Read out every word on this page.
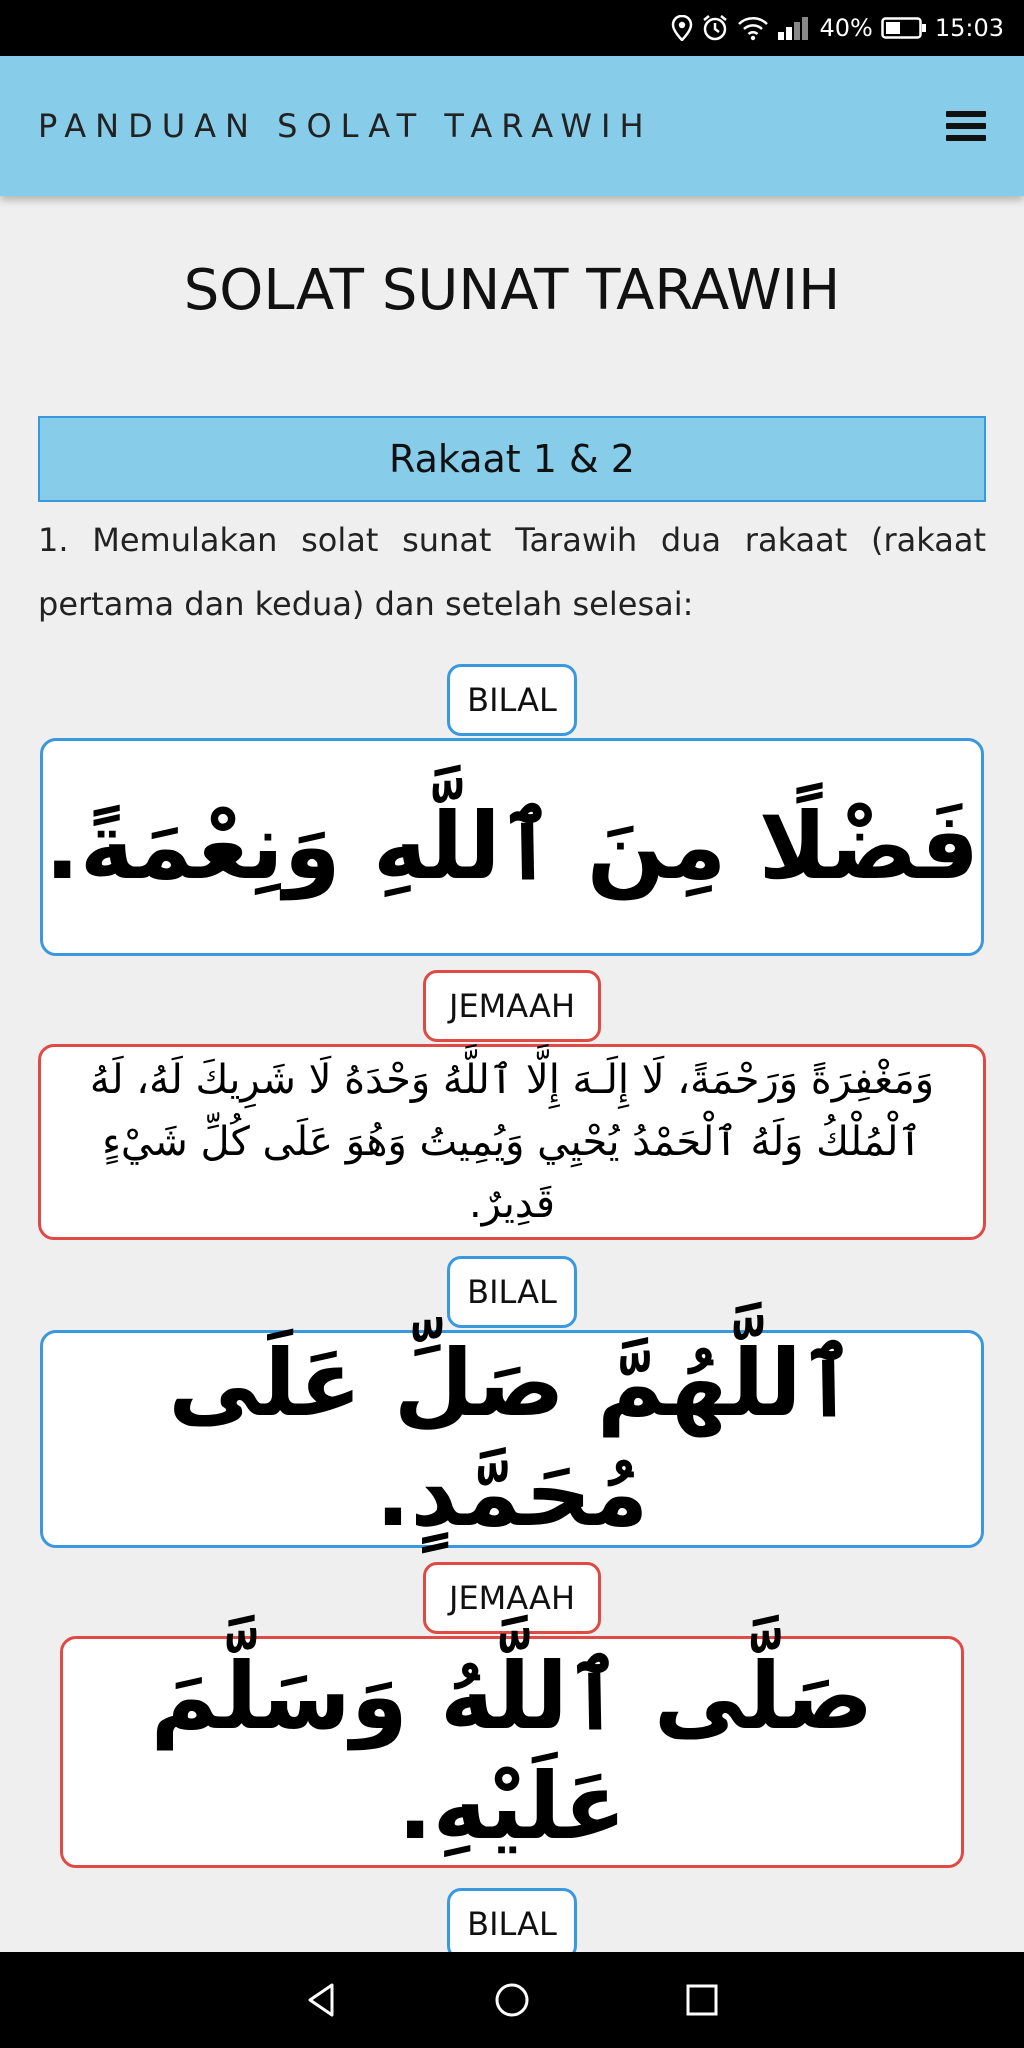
40%	15:03
PANDUAN SOLAT TARAWIH
SOLAT SUNAT TARAWIH
Rakaat 1 & 2

1. Memulakan solat sunat Tarawih dua rakaat (rakaat pertama dan kedua) dan setelah selesai:

BILAL
فَضْلًا مِنَ ٱللَّهِ وَنِعْمَةً.
JEMAAH
وَمَغْفِرَةً وَرَحْمَةً، لَا إِلَـهَ إِلَّا ٱللَّهُ وَحْدَهُ لَا شَرِيكَ لَهُ، لَهُ ٱلْمُلْكُ وَلَهُ ٱلْحَمْدُ يُحْيِي وَيُمِيتُ وَهُوَ عَلَى كُلِّ شَيْءٍ قَدِيرٌ.
BILAL
ٱللَّهُمَّ صَلِّ عَلَى مُحَمَّدٍ.
JEMAAH
صَلَّى ٱللَّهُ وَسَلَّمَ عَلَيْهِ.
BILAL
